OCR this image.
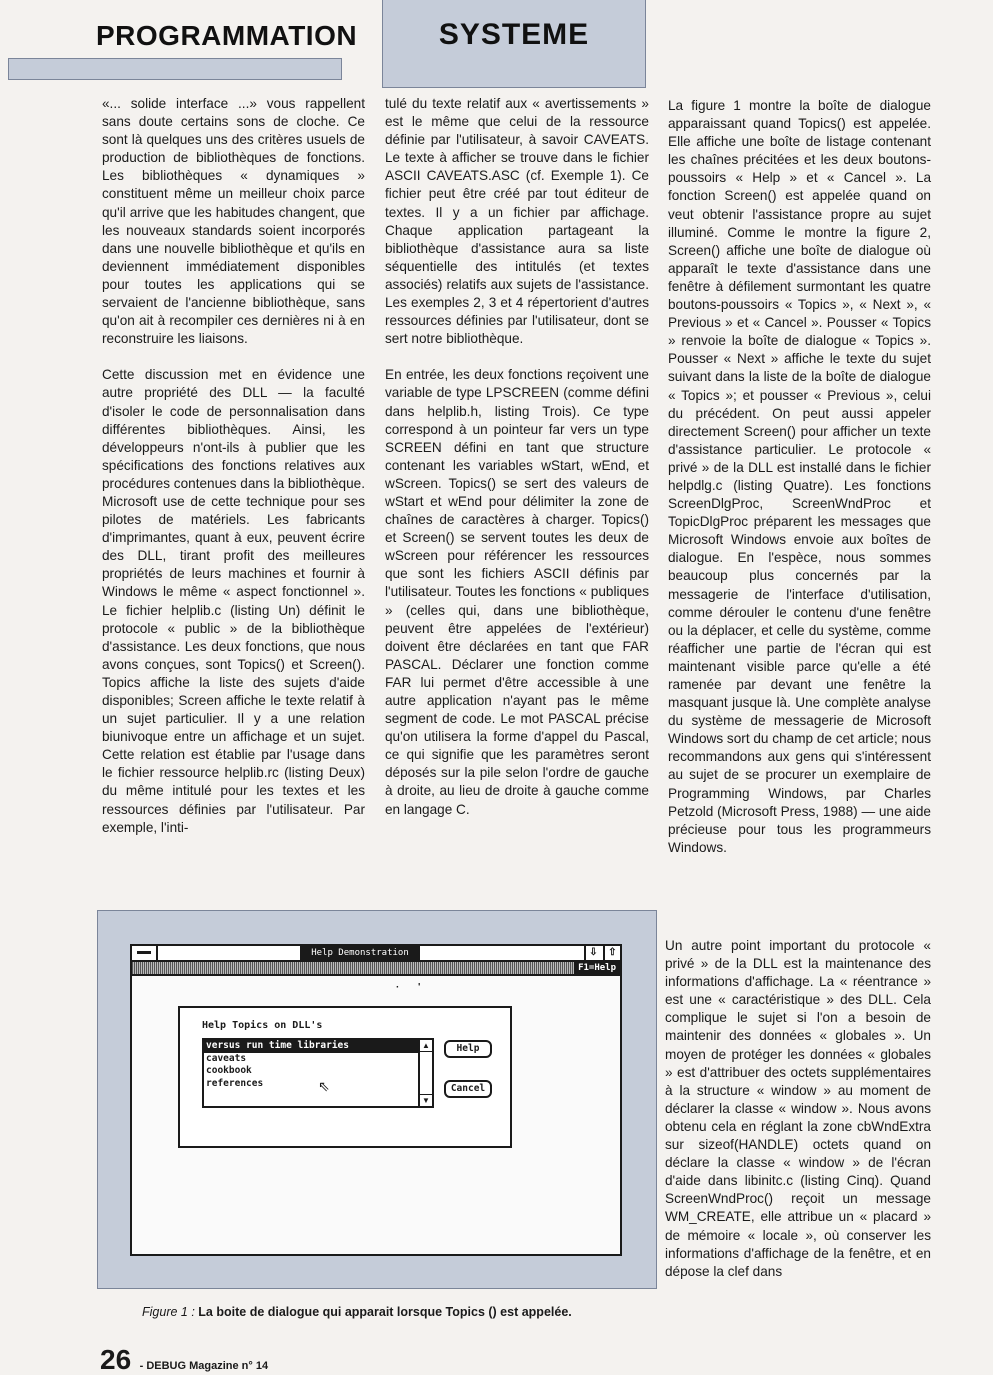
PROGRAMMATION	SYSTEME

«... solide interface ...» vous rappellent sans doute certains sons de cloche. Ce sont là quelques uns des critères usuels de production de bibliothèques de fonctions. Les bibliothèques « dynamiques » constituent même un meilleur choix parce qu'il arrive que les habitudes changent, que les nouveaux standards soient incorporés dans une nouvelle bibliothèque et qu'ils en deviennent immédiatement disponibles pour toutes les applications qui se servaient de l'ancienne bibliothèque, sans qu'on ait à recompiler ces dernières ni à en reconstruire les liaisons.

Cette discussion met en évidence une autre propriété des DLL — la faculté d'isoler le code de personnalisation dans différentes bibliothèques. Ainsi, les développeurs n'ont-ils à publier que les spécifications des fonctions relatives aux procédures contenues dans la bibliothèque. Microsoft use de cette technique pour ses pilotes de matériels. Les fabricants d'imprimantes, quant à eux, peuvent écrire des DLL, tirant profit des meilleures propriétés de leurs machines et fournir à Windows le même « aspect fonctionnel ». Le fichier helplib.c (listing Un) définit le protocole « public » de la bibliothèque d'assistance. Les deux fonctions, que nous avons conçues, sont Topics() et Screen(). Topics affiche la liste des sujets d'aide disponibles; Screen affiche le texte relatif à un sujet particulier. Il y a une relation biunivoque entre un affichage et un sujet. Cette relation est établie par l'usage dans le fichier ressource helplib.rc (listing Deux) du même intitulé pour les textes et les ressources définies par l'utilisateur. Par exemple, l'inti-

tulé du texte relatif aux « avertissements » est le même que celui de la ressource définie par l'utilisateur, à savoir CAVEATS. Le texte à afficher se trouve dans le fichier ASCII CAVEATS.ASC (cf. Exemple 1). Ce fichier peut être créé par tout éditeur de textes. Il y a un fichier par affichage. Chaque application partageant la bibliothèque d'assistance aura sa liste séquentielle des intitulés (et textes associés) relatifs aux sujets de l'assistance. Les exemples 2, 3 et 4 répertorient d'autres ressources définies par l'utilisateur, dont se sert notre bibliothèque.

En entrée, les deux fonctions reçoivent une variable de type LPSCREEN (comme défini dans helplib.h, listing Trois). Ce type correspond à un pointeur far vers un type SCREEN défini en tant que structure contenant les variables wStart, wEnd, et wScreen. Topics() se sert des valeurs de wStart et wEnd pour délimiter la zone de chaînes de caractères à charger. Topics() et Screen() se servent toutes les deux de wScreen pour référencer les ressources que sont les fichiers ASCII définis par l'utilisateur. Toutes les fonctions « publiques » (celles qui, dans une bibliothèque, peuvent être appelées de l'extérieur) doivent être déclarées en tant que FAR PASCAL. Déclarer une fonction comme FAR lui permet d'être accessible à une autre application n'ayant pas le même segment de code. Le mot PASCAL précise qu'on utilisera la forme d'appel du Pascal, ce qui signifie que les paramètres seront déposés sur la pile selon l'ordre de gauche à droite, au lieu de droite à gauche comme en langage C.

La figure 1 montre la boîte de dialogue apparaissant quand Topics() est appelée. Elle affiche une boîte de listage contenant les chaînes précitées et les deux boutons-poussoirs « Help » et « Cancel ». La fonction Screen() est appelée quand on veut obtenir l'assistance propre au sujet illuminé. Comme le montre la figure 2, Screen() affiche une boîte de dialogue où apparaît le texte d'assistance dans une fenêtre à défilement surmontant les quatre boutons-poussoirs « Topics », « Next », « Previous » et « Cancel ». Pousser « Topics » renvoie la boîte de dialogue « Topics ». Pousser « Next » affiche le texte du sujet suivant dans la liste de la boîte de dialogue « Topics »; et pousser « Previous », celui du précédent. On peut aussi appeler directement Screen() pour afficher un texte d'assistance particulier. Le protocole « privé » de la DLL est installé dans le fichier helpdlg.c (listing Quatre). Les fonctions ScreenDlgProc, ScreenWndProc et TopicDlgProc préparent les messages que Microsoft Windows envoie aux boîtes de dialogue. En l'espèce, nous sommes beaucoup plus concernés par la messagerie de l'interface d'utilisation, comme dérouler le contenu d'une fenêtre ou la déplacer, et celle du système, comme réafficher une partie de l'écran qui est maintenant visible parce qu'elle a été ramenée par devant une fenêtre la masquant jusque là. Une complète analyse du système de messagerie de Microsoft Windows sort du champ de cet article; nous recommandons aux gens qui s'intéressent au sujet de se procurer un exemplaire de Programming Windows, par Charles Petzold (Microsoft Press, 1988) — une aide précieuse pour tous les programmeurs Windows.

Un autre point important du protocole « privé » de la DLL est la maintenance des informations d'affichage. La « réentrance » est une « caractéristique » des DLL. Cela complique le sujet si l'on a besoin de maintenir des données « globales ». Un moyen de protéger les données « globales » est d'attribuer des octets supplémentaires à la structure « window » au moment de déclarer la classe « window ». Nous avons obtenu cela en réglant la zone cbWndExtra sur sizeof(HANDLE) octets quand on déclare la classe « window » de l'écran d'aide dans libinitc.c (listing Cinq). Quand ScreenWndProc() reçoit un message WM_CREATE, elle attribue un « placard » de mémoire « locale », où conserver les informations d'affichage de la fenêtre, et en dépose la clef dans

Help Demonstration	⇩	⇧
F1=Help
· '
Help Topics on DLL's
versus run time libraries
caveats
cookbook
references
▲
▼
Help
Cancel
⇖
Figure 1 : La boite de dialogue qui apparait lorsque Topics () est appelée.
26 - DEBUG Magazine n° 14
